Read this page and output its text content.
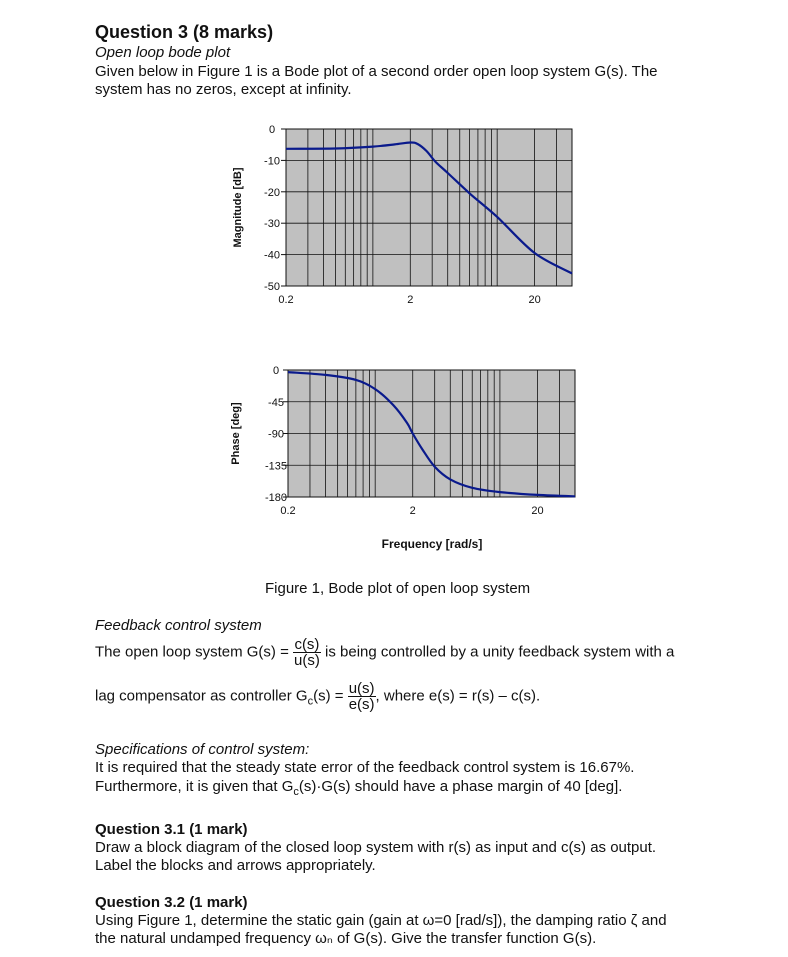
Question 3 (8 marks)
Open loop bode plot
Given below in Figure 1 is a Bode plot of a second order open loop system G(s). The
system has no zeros, except at infinity.
0
-10
-20
-30
-40
-50
0.2	2	20
Magnitude [dB]
0
-45
-90
-135
-180
0.2	2	20
Phase [deg]
Frequency [rad/s]
Figure 1, Bode plot of open loop system
Feedback control system
The open loop system $G(s) = \frac{c(s)}{u(s)}$ is being controlled by a unity feedback system with a
lag compensator as controller $G_c(s) = \frac{u(s)}{e(s)}$ , where e(s) = r(s) – c(s).
Specifications of control system:
It is required that the steady state error of the feedback control system is 16.67%.
Furthermore, it is given that $G_c(s)\cdot G(s)$ should have a phase margin of 40 [deg].
Question 3.1 (1 mark)
Draw a block diagram of the closed loop system with r(s) as input and c(s) as output.
Label the blocks and arrows appropriately.
Question 3.2 (1 mark)
Using Figure 1, determine the static gain (gain at ω=0 [rad/s]), the damping ratio ζ and
the natural undamped frequency ωₙ of G(s). Give the transfer function G(s).
